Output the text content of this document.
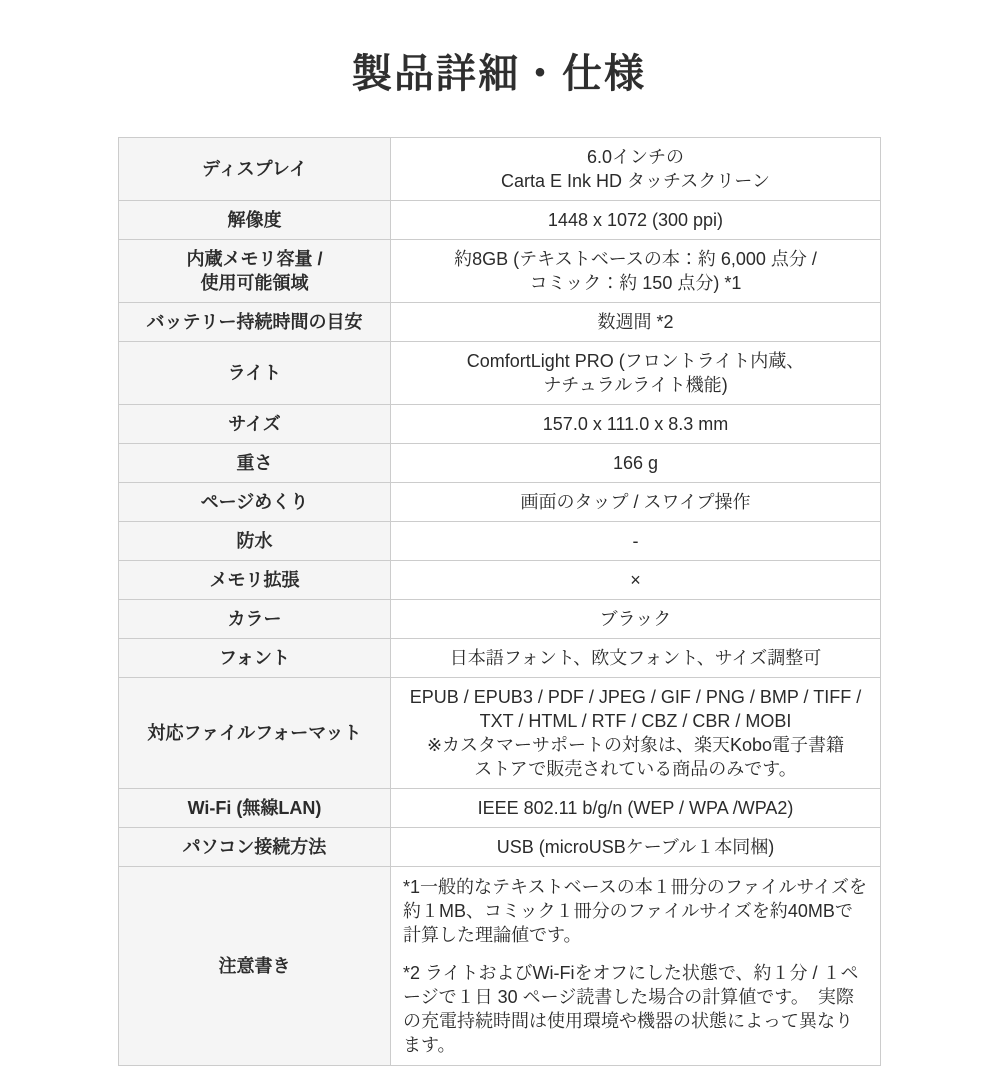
製品詳細・仕様
ディスプレイ	6.0インチの
Carta E Ink HD タッチスクリーン
解像度	1448 x 1072 (300 ppi)
内蔵メモリ容量 /
使用可能領域	約8GB (テキストベースの本：約 6,000 点分 /
コミック：約 150 点分) *1
バッテリー持続時間の目安	数週間 *2
ライト	ComfortLight PRO (フロントライト内蔵、
ナチュラルライト機能)
サイズ	157.0 x 111.0 x 8.3 mm
重さ	166 g
ページめくり	画面のタップ / スワイプ操作
防水	-
メモリ拡張	×
カラー	ブラック
フォント	日本語フォント、欧文フォント、サイズ調整可
対応ファイルフォーマット	EPUB / EPUB3 / PDF / JPEG / GIF / PNG / BMP / TIFF /
TXT / HTML / RTF / CBZ / CBR / MOBI
※カスタマーサポートの対象は、楽天Kobo電子書籍
ストアで販売されている商品のみです。
Wi-Fi (無線LAN)	IEEE 802.11 b/g/n (WEP / WPA /WPA2)
パソコン接続方法	USB (microUSBケーブル１本同梱)
注意書き	*1一般的なテキストベースの本１冊分のファイルサイズを約１MB、コミック１冊分のファイルサイズを約40MBで計算した理論値です。

*2 ライトおよびWi-Fiをオフにした状態で、約１分 / １ページで１日 30 ページ読書した場合の計算値です。　実際の充電持続時間は使用環境や機器の状態によって異なります。
